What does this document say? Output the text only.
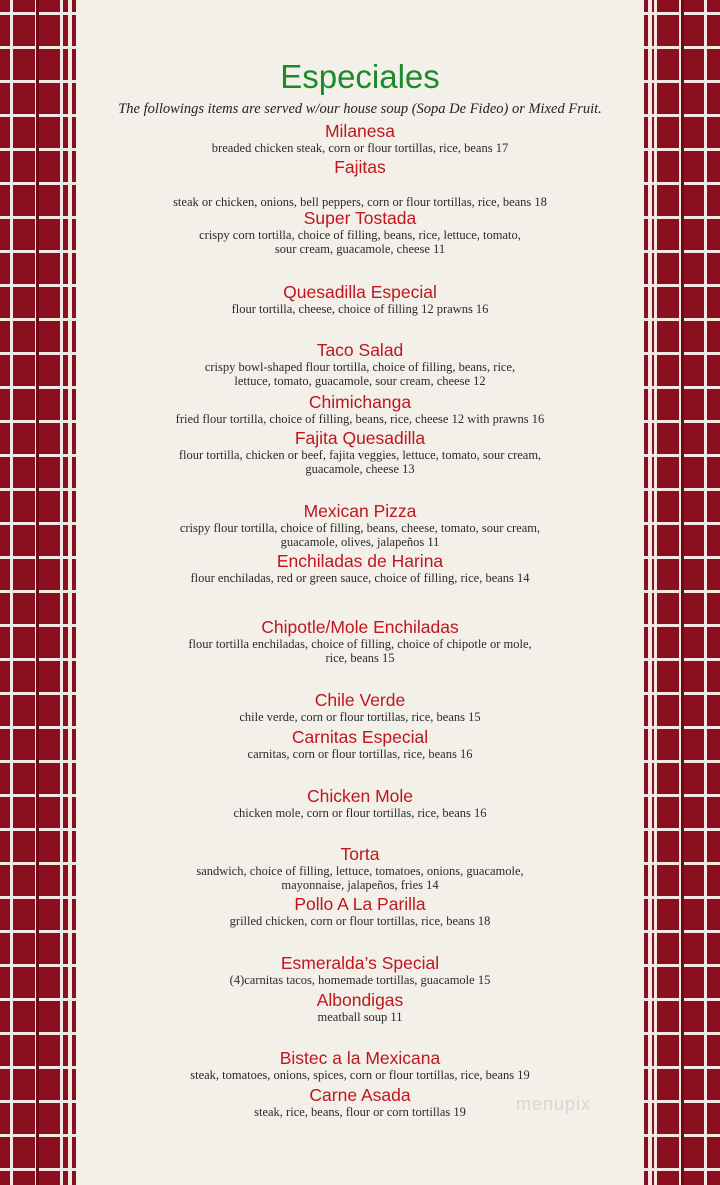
Especiales
The followings items are served w/our house soup (Sopa De Fideo) or Mixed Fruit.
Milanesa
breaded chicken steak, corn or flour tortillas, rice, beans 17
Fajitas
steak or chicken, onions, bell peppers, corn or flour tortillas, rice, beans 18
Super Tostada
crispy corn tortilla, choice of filling, beans, rice, lettuce, tomato,
sour cream, guacamole, cheese 11
Quesadilla Especial
flour tortilla, cheese, choice of filling 12 prawns 16
Taco Salad
crispy bowl-shaped flour tortilla, choice of filling, beans, rice,
lettuce, tomato, guacamole, sour cream, cheese 12
Chimichanga
fried flour tortilla, choice of filling, beans, rice, cheese 12 with prawns 16
Fajita Quesadilla
flour tortilla, chicken or beef, fajita veggies, lettuce, tomato, sour cream,
guacamole, cheese 13
Mexican Pizza
crispy flour tortilla, choice of filling, beans, cheese, tomato, sour cream,
guacamole, olives, jalapeños 11
Enchiladas de Harina
flour enchiladas, red or green sauce, choice of filling, rice, beans 14
Chipotle/Mole Enchiladas
flour tortilla enchiladas, choice of filling, choice of chipotle or mole,
rice, beans 15
Chile Verde
chile verde, corn or flour tortillas, rice, beans 15
Carnitas Especial
carnitas, corn or flour tortillas, rice, beans 16
Chicken Mole
chicken mole, corn or flour tortillas, rice, beans 16
Torta
sandwich, choice of filling, lettuce, tomatoes, onions, guacamole,
mayonnaise, jalapeños, fries 14
Pollo A La Parilla
grilled chicken, corn or flour tortillas, rice, beans 18
Esmeralda’s Special
(4)carnitas tacos, homemade tortillas, guacamole 15
Albondigas
meatball soup 11
Bistec a la Mexicana
steak, tomatoes, onions, spices, corn or flour tortillas, rice, beans 19
Carne Asada
steak, rice, beans, flour or corn tortillas 19	menupix
